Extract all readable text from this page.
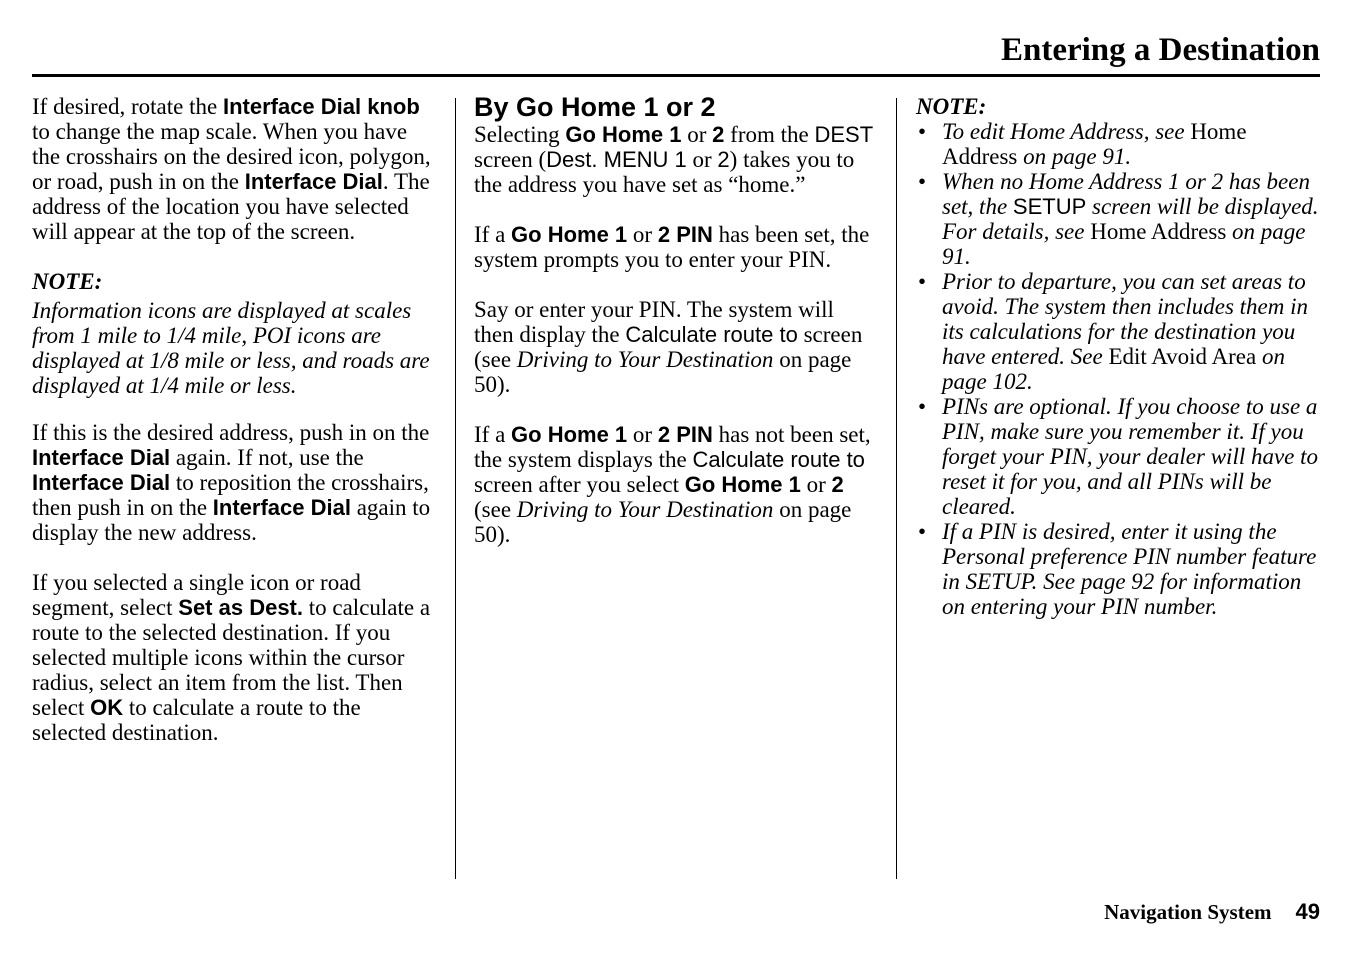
Entering a Destination

If desired, rotate the Interface Dial knob to change the map scale. When you have the crosshairs on the desired icon, polygon, or road, push in on the Interface Dial. The address of the location you have selected will appear at the top of the screen.

NOTE:

Information icons are displayed at scales from 1 mile to 1/4 mile, POI icons are displayed at 1/8 mile or less, and roads are displayed at 1/4 mile or less.

If this is the desired address, push in on the Interface Dial again. If not, use the Interface Dial to reposition the crosshairs, then push in on the Interface Dial again to display the new address.

If you selected a single icon or road segment, select Set as Dest. to calculate a route to the selected destination. If you selected multiple icons within the cursor radius, select an item from the list. Then select OK to calculate a route to the selected destination.

By Go Home 1 or 2

Selecting Go Home 1 or 2 from the DEST screen (Dest. MENU 1 or 2) takes you to the address you have set as “home.”

If a Go Home 1 or 2 PIN has been set, the system prompts you to enter your PIN.

Say or enter your PIN. The system will then display the Calculate route to screen (see Driving to Your Destination on page 50).

If a Go Home 1 or 2 PIN has not been set, the system displays the Calculate route to screen after you select Go Home 1 or 2 (see Driving to Your Destination on page 50).

NOTE:

• To edit Home Address, see Home Address on page 91.
• When no Home Address 1 or 2 has been set, the SETUP screen will be displayed. For details, see Home Address on page 91.
• Prior to departure, you can set areas to avoid. The system then includes them in its calculations for the destination you have entered. See Edit Avoid Area on page 102.
• PINs are optional. If you choose to use a PIN, make sure you remember it. If you forget your PIN, your dealer will have to reset it for you, and all PINs will be cleared.
• If a PIN is desired, enter it using the Personal preference PIN number feature in SETUP. See page 92 for information on entering your PIN number.
Navigation System 49
